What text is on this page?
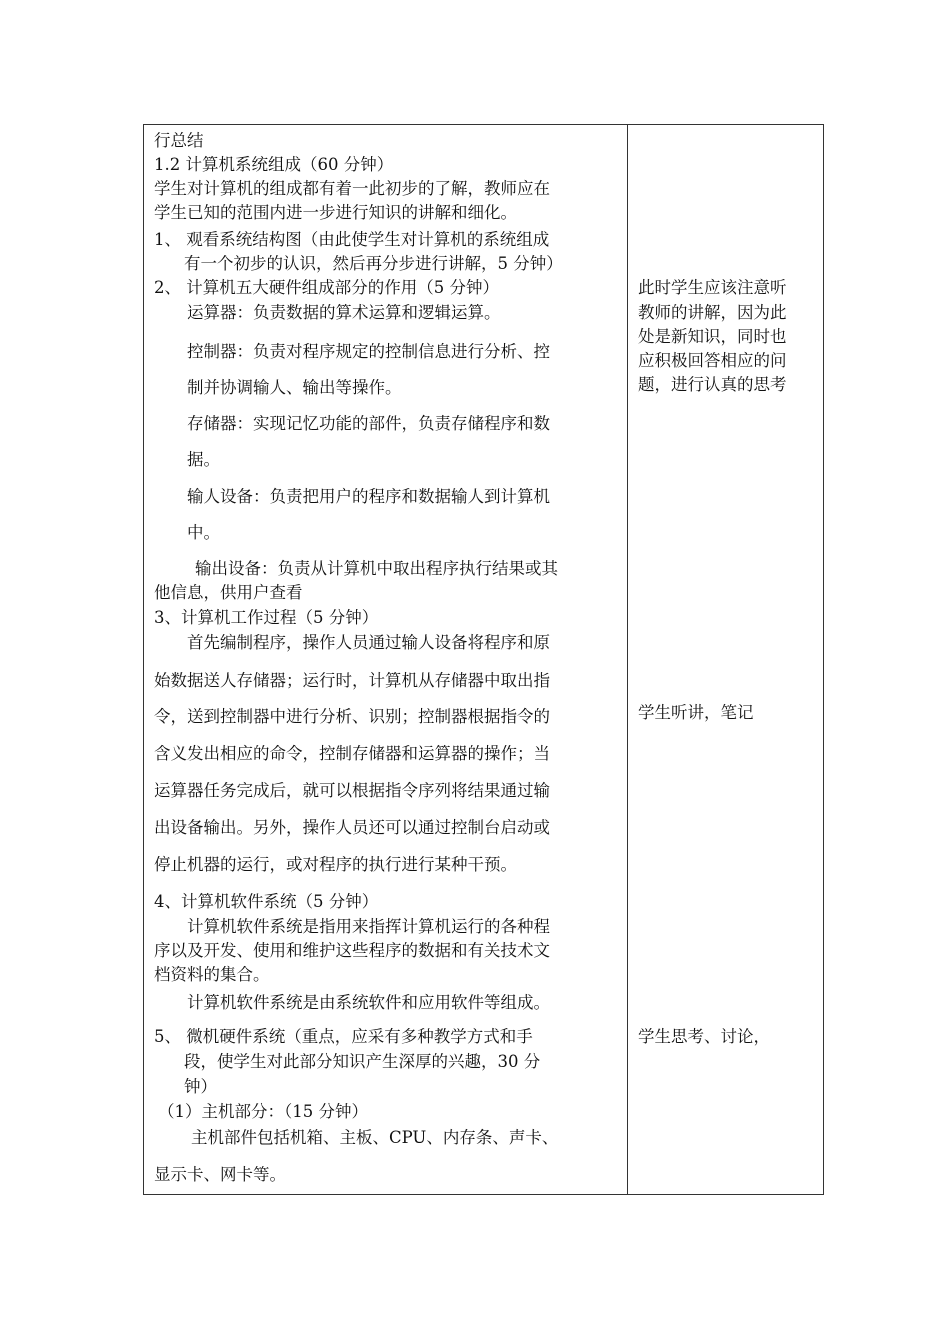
行总结
1.2 计算机系统组成（60 分钟）
学生对计算机的组成都有着一此初步的了解，教师应在
学生已知的范围内进一步进行知识的讲解和细化。
1、 观看系统结构图（由此使学生对计算机的系统组成
有一个初步的认识，然后再分步进行讲解，5 分钟）
2、 计算机五大硬件组成部分的作用（5 分钟）
运算器：负责数据的算术运算和逻辑运算。
控制器：负责对程序规定的控制信息进行分析、控
制并协调输人、输出等操作。
存储器：实现记忆功能的部件，负责存储程序和数
据。
输人设备：负责把用户的程序和数据输人到计算机
中。
输出设备：负责从计算机中取出程序执行结果或其
他信息，供用户查看
3、计算机工作过程（5 分钟）
首先编制程序，操作人员通过输人设备将程序和原
始数据送人存储器；运行时，计算机从存储器中取出指
令，送到控制器中进行分析、识别；控制器根据指令的
含义发出相应的命令，控制存储器和运算器的操作；当
运算器任务完成后，就可以根据指令序列将结果通过输
出设备输出。另外，操作人员还可以通过控制台启动或
停止机器的运行，或对程序的执行进行某种干预。
4、计算机软件系统（5 分钟）
计算机软件系统是指用来指挥计算机运行的各种程
序以及开发、使用和维护这些程序的数据和有关技术文
档资料的集合。
计算机软件系统是由系统软件和应用软件等组成。
5、 微机硬件系统（重点，应采有多种教学方式和手
段，使学生对此部分知识产生深厚的兴趣，30 分
钟）
（1）主机部分：（15 分钟）
主机部件包括机箱、主板、CPU、内存条、声卡、
显示卡、网卡等。
此时学生应该注意听
教师的讲解，因为此
处是新知识，同时也
应积极回答相应的问
题，进行认真的思考
学生听讲，笔记
学生思考、讨论，
